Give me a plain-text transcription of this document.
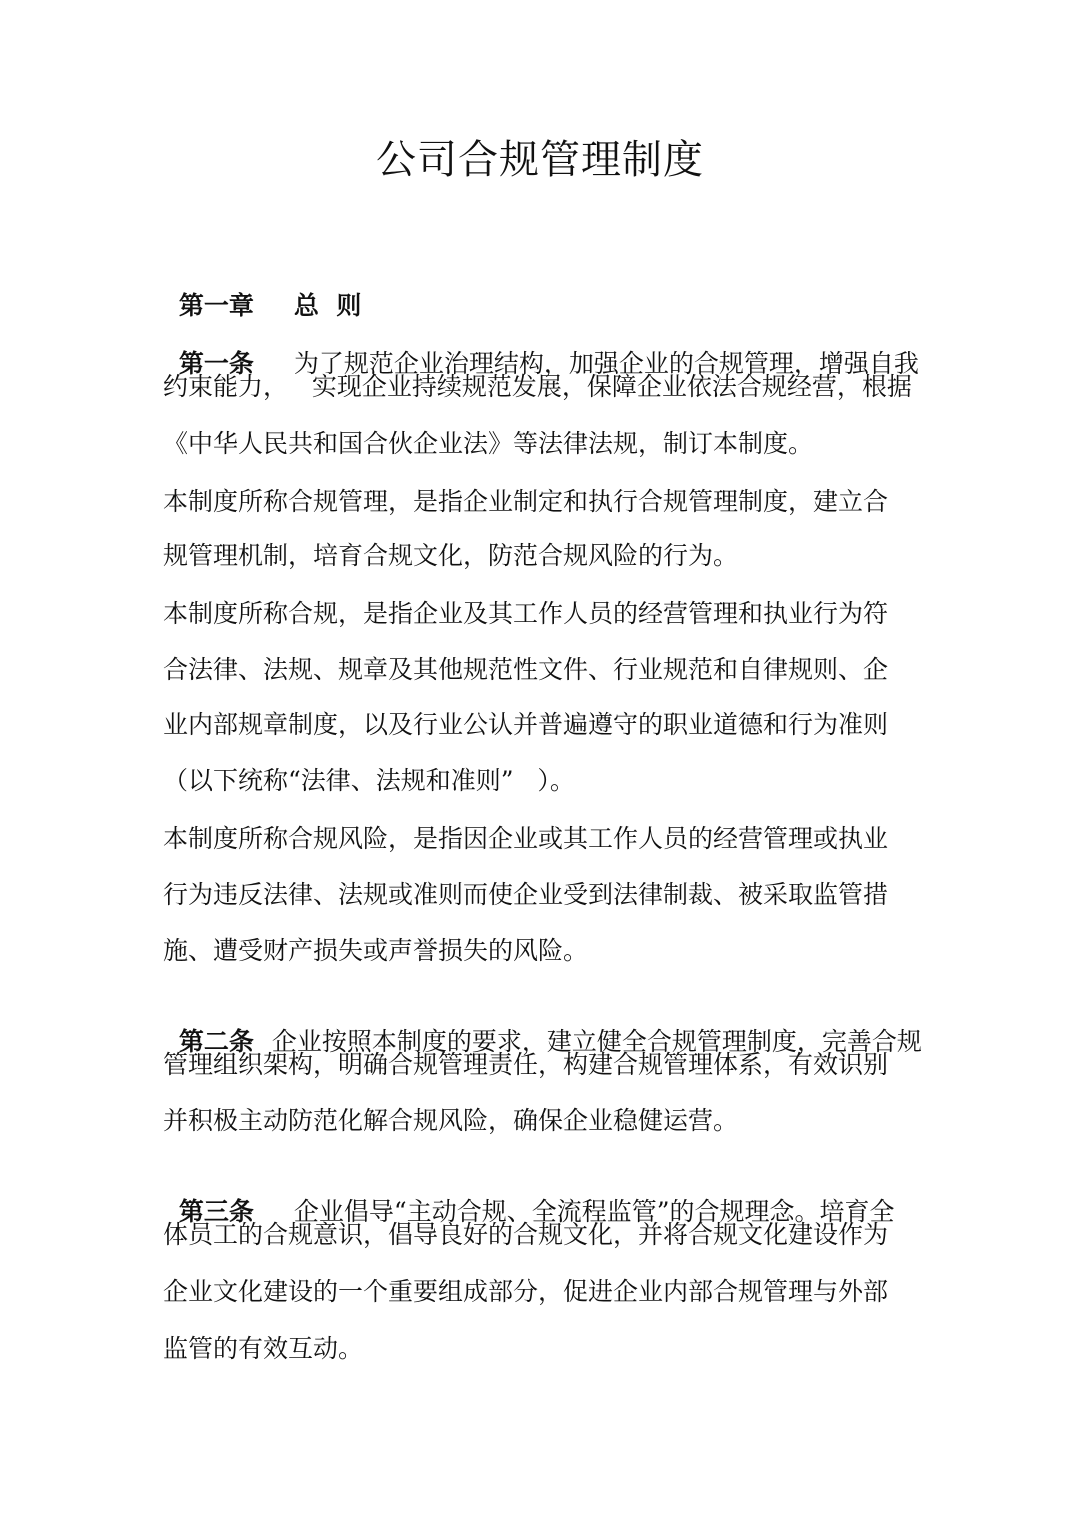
公司合规管理制度

第一章 总  则

第一条 为了规范企业治理结构，加强企业的合规管理，增强自我

约束能力，   实现企业持续规范发展，保障企业依法合规经营，根据
《中华人民共和国合伙企业法》等法律法规，制订本制度。
本制度所称合规管理，是指企业制定和执行合规管理制度，建立合
规管理机制，培育合规文化，防范合规风险的行为。
本制度所称合规，是指企业及其工作人员的经营管理和执业行为符
合法律、法规、规章及其他规范性文件、行业规范和自律规则、企
业内部规章制度，以及行业公认并普遍遵守的职业道德和行为准则
（以下统称“法律、法规和准则”   ）。
本制度所称合规风险，是指因企业或其工作人员的经营管理或执业
行为违反法律、法规或准则而使企业受到法律制裁、被采取监管措
施、遭受财产损失或声誉损失的风险。

第二条 企业按照本制度的要求，建立健全合规管理制度，完善合规

管理组织架构，明确合规管理责任，构建合规管理体系，有效识别
并积极主动防范化解合规风险，确保企业稳健运营。

第三条 企业倡导“主动合规、全流程监管”的合规理念。培育全

体员工的合规意识，倡导良好的合规文化，并将合规文化建设作为
企业文化建设的一个重要组成部分，促进企业内部合规管理与外部
监管的有效互动。
